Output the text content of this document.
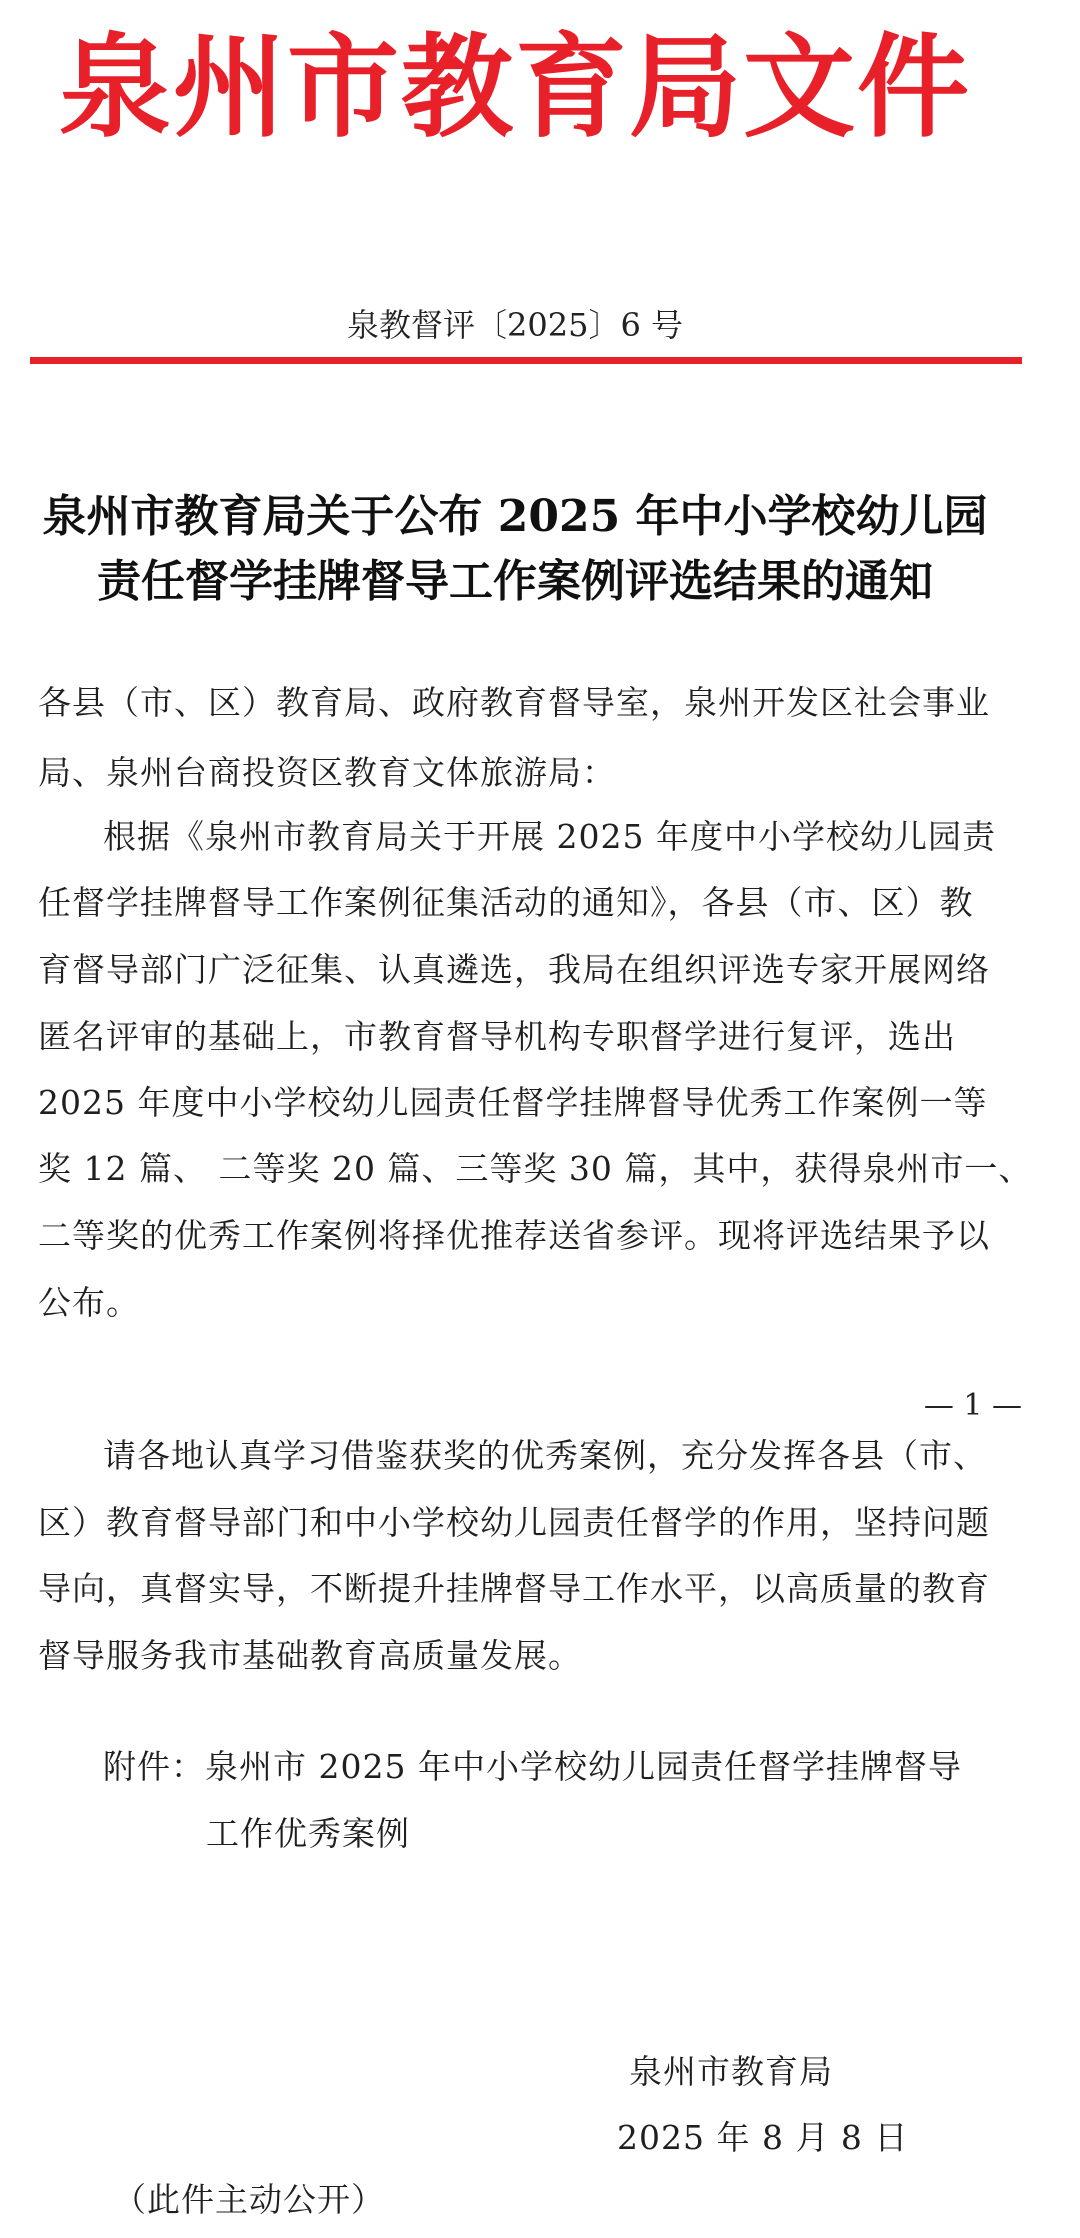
泉州市教育局文件
泉教督评〔2025〕6 号
泉州市教育局关于公布 2025 年中小学校幼儿园
责任督学挂牌督导工作案例评选结果的通知
各县（市、区）教育局、政府教育督导室，泉州开发区社会事业
局、泉州台商投资区教育文体旅游局：
根据《泉州市教育局关于开展 2025 年度中小学校幼儿园责
任督学挂牌督导工作案例征集活动的通知》，各县（市、区）教
育督导部门广泛征集、认真遴选，我局在组织评选专家开展网络
匿名评审的基础上，市教育督导机构专职督学进行复评，选出
2025 年度中小学校幼儿园责任督学挂牌督导优秀工作案例一等
奖 12 篇、 二等奖 20 篇、三等奖 30 篇，其中，获得泉州市一、
二等奖的优秀工作案例将择优推荐送省参评。现将评选结果予以
公布。
— 1 —
请各地认真学习借鉴获奖的优秀案例，充分发挥各县（市、
区）教育督导部门和中小学校幼儿园责任督学的作用，坚持问题
导向，真督实导，不断提升挂牌督导工作水平，以高质量的教育
督导服务我市基础教育高质量发展。
附件：泉州市 2025 年中小学校幼儿园责任督学挂牌督导
工作优秀案例
泉州市教育局
2025 年 8 月 8 日
（此件主动公开）
